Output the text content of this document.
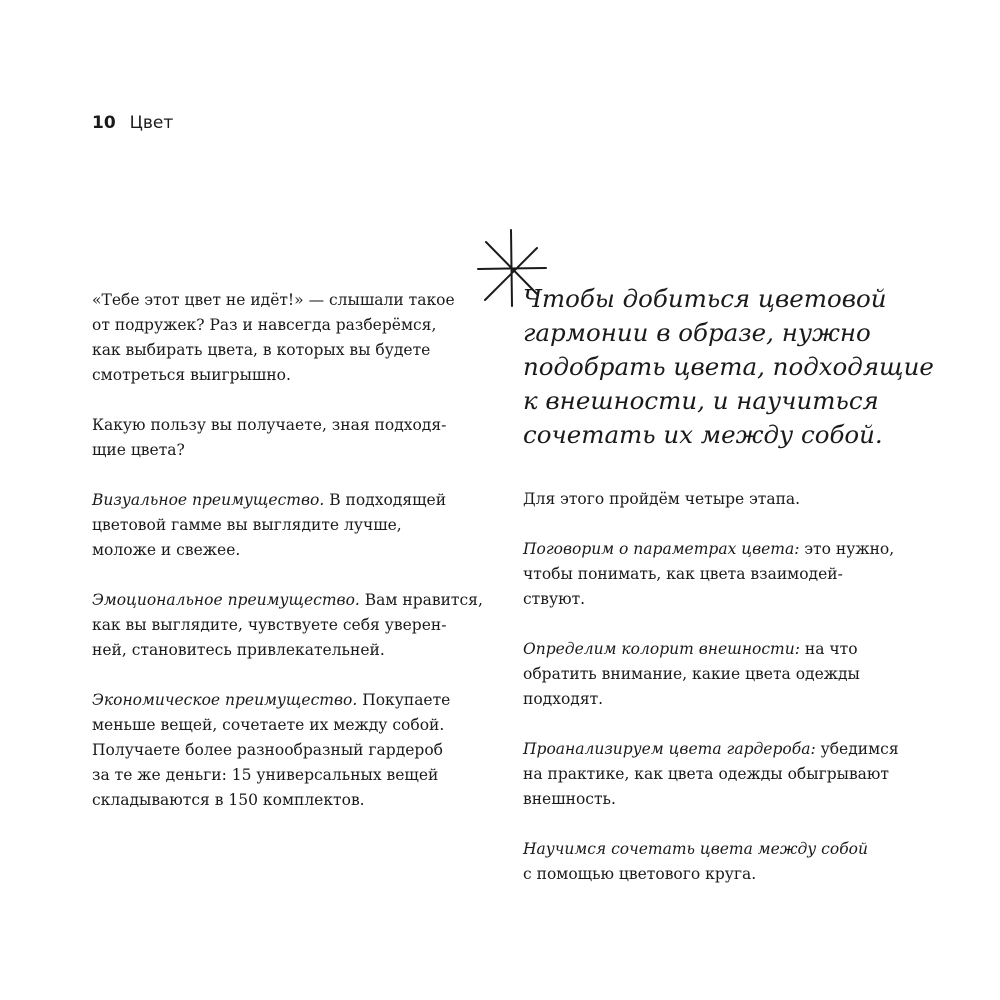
10 Цвет

«Тебе этот цвет не идёт!» — слышали такое
от подружек? Раз и навсегда разберёмся,
как выбирать цвета, в которых вы будете
смотреться выигрышно.

Какую пользу вы получаете, зная подходя-
щие цвета?

Визуальное преимущество. В подходящей
цветовой гамме вы выглядите лучше,
моложе и свежее.

Эмоциональное преимущество. Вам нравится,
как вы выглядите, чувствуете себя уверен-
ней, становитесь привлекательней.

Экономическое преимущество. Покупаете
меньше вещей, сочетаете их между собой.
Получаете более разнообразный гардероб
за те же деньги: 15 универсальных вещей
складываются в 150 комплектов.

Чтобы добиться цветовой
гармонии в образе, нужно
подобрать цвета, подходящие
к внешности, и научиться
сочетать их между собой.

Для этого пройдём четыре этапа.

Поговорим о параметрах цвета: это нужно,
чтобы понимать, как цвета взаимодей-
ствуют.

Определим колорит внешности: на что
обратить внимание, какие цвета одежды
подходят.

Проанализируем цвета гардероба: убедимся
на практике, как цвета одежды обыгрывают
внешность.

Научимся сочетать цвета между собой
с помощью цветового круга.
